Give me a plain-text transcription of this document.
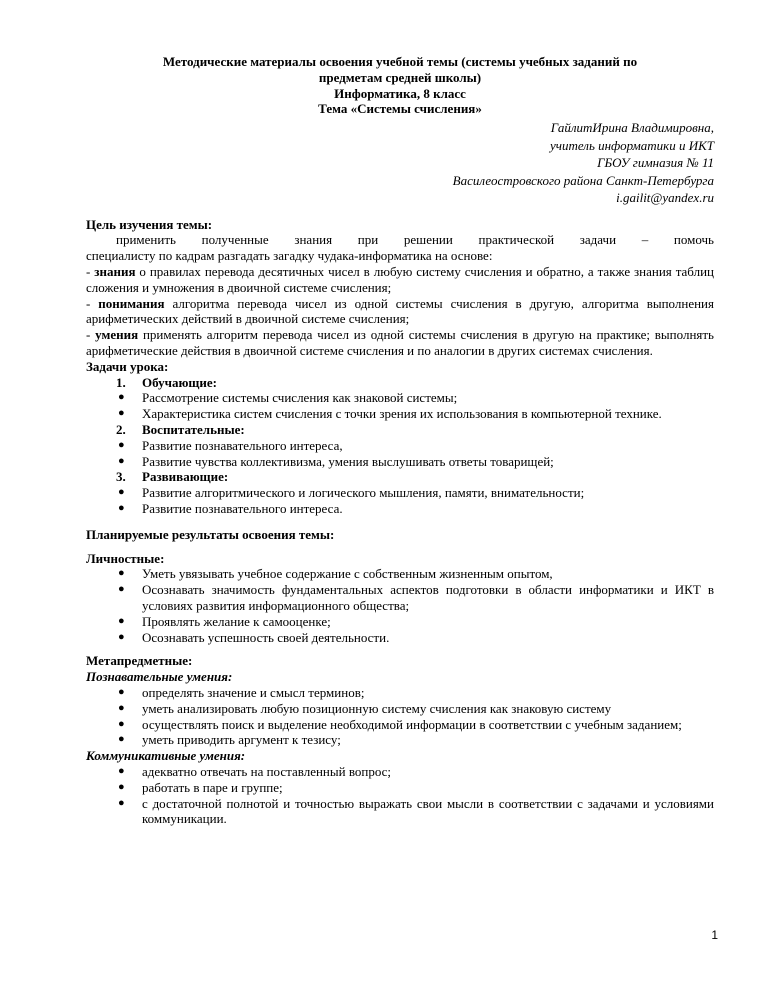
Методические материалы освоения учебной темы (системы учебных заданий по

предметам средней школы)

Информатика, 8 класс

Тема «Системы счисления»

ГайлитИрина Владимировна,
учитель информатики и ИКТ
ГБОУ гимназия № 11
Василеостровского района Санкт-Петербурга
i.gailit@yandex.ru

Цель изучения темы:

применить полученные знания при решении практической задачи – помочь

специалисту по кадрам разгадать загадку чудака-информатика на основе:

- знания о правилах перевода десятичных чисел в любую систему счисления и обратно, а также знания таблиц сложения и умножения в двоичной системе счисления;

- понимания алгоритма перевода чисел из одной системы счисления в другую, алгоритма выполнения арифметических действий в двоичной системе счисления;

- умения применять алгоритм перевода чисел из одной системы счисления в другую на практике; выполнять арифметические действия в двоичной системе счисления и по аналогии в других системах счисления.

Задачи урока:

1.	Обучающие:
● Рассмотрение системы счисления как знаковой системы;
● Характеристика систем счисления с точки зрения их использования в компьютерной технике.
2.	Воспитательные:
● Развитие познавательного интереса,
● Развитие чувства коллективизма, умения выслушивать ответы товарищей;
3.	Развивающие:
● Развитие алгоритмического и логического мышления, памяти, внимательности;
● Развитие познавательного интереса.

Планируемые результаты освоения темы:

Личностные:

● Уметь увязывать учебное содержание с собственным жизненным опытом,
● Осознавать значимость фундаментальных аспектов подготовки в области информатики и ИКТ в условиях развития информационного общества;
● Проявлять желание к самооценке;
● Осознавать успешность своей деятельности.

Метапредметные:

Познавательные умения:

● определять значение и смысл терминов;
● уметь анализировать любую позиционную систему счисления как знаковую систему
● осуществлять поиск и выделение необходимой информации в соответствии с учебным заданием;
● уметь приводить аргумент к тезису;

Коммуникативные умения:

● адекватно отвечать на поставленный вопрос;
● работать в паре и группе;
● с достаточной полнотой и точностью выражать свои мысли в соответствии с задачами и условиями коммуникации.
1
